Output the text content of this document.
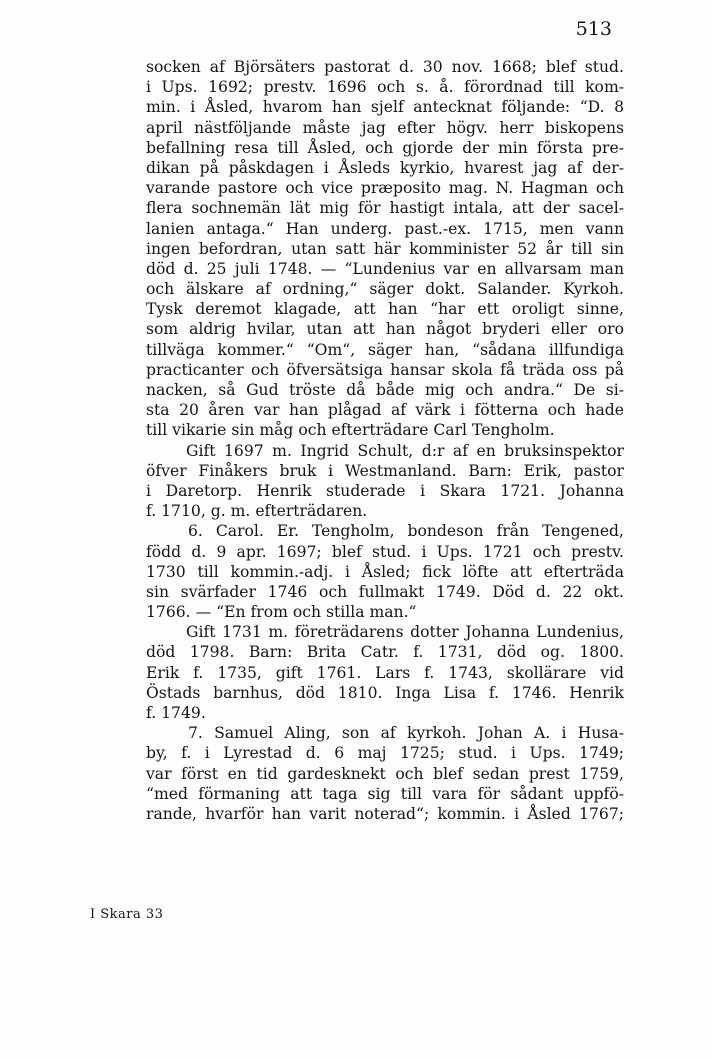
513
socken af Björsäters pastorat d. 30 nov. 1668; blef stud.
i Ups. 1692; prestv. 1696 och s. å. förordnad till kom-
min. i Åsled, hvarom han sjelf antecknat följande: “D. 8
april nästföljande måste jag efter högv. herr biskopens
befallning resa till Åsled, och gjorde der min första pre-
dikan på påskdagen i Åsleds kyrkio, hvarest jag af der-
varande pastore och vice præposito mag. N. Hagman och
flera sochnemän lät mig för hastigt intala, att der sacel-
lanien antaga.“ Han underg. past.-ex. 1715, men vann
ingen befordran, utan satt här komminister 52 år till sin
död d. 25 juli 1748. — “Lundenius var en allvarsam man
och älskare af ordning,“ säger dokt. Salander. Kyrkoh.
Tysk deremot klagade, att han “har ett oroligt sinne,
som aldrig hvilar, utan att han något bryderi eller oro
tillväga kommer.“ “Om“, säger han, “sådana illfundiga
practicanter och öfversätsiga hansar skola få träda oss på
nacken, så Gud tröste då både mig och andra.“ De si-
sta 20 åren var han plågad af värk i fötterna och hade
till vikarie sin måg och efterträdare Carl Tengholm.
Gift 1697 m. Ingrid Schult, d:r af en bruksinspektor
öfver Finåkers bruk i Westmanland. Barn: Erik, pastor
i Daretorp. Henrik studerade i Skara 1721. Johanna
f. 1710, g. m. efterträdaren.
6. Carol. Er. Tengholm, bondeson från Tengened,
född d. 9 apr. 1697; blef stud. i Ups. 1721 och prestv.
1730 till kommin.-adj. i Åsled; fick löfte att efterträda
sin svärfader 1746 och fullmakt 1749. Död d. 22 okt.
1766. — “En from och stilla man.“
Gift 1731 m. företrädarens dotter Johanna Lundenius,
död 1798. Barn: Brita Catr. f. 1731, död og. 1800.
Erik f. 1735, gift 1761. Lars f. 1743, skollärare vid
Östads barnhus, död 1810. Inga Lisa f. 1746. Henrik
f. 1749.
7. Samuel Aling, son af kyrkoh. Johan A. i Husa-
by, f. i Lyrestad d. 6 maj 1725; stud. i Ups. 1749;
var först en tid gardesknekt och blef sedan prest 1759,
“med förmaning att taga sig till vara för sådant uppfö-
rande, hvarför han varit noterad“; kommin. i Åsled 1767;
I Skara 33
